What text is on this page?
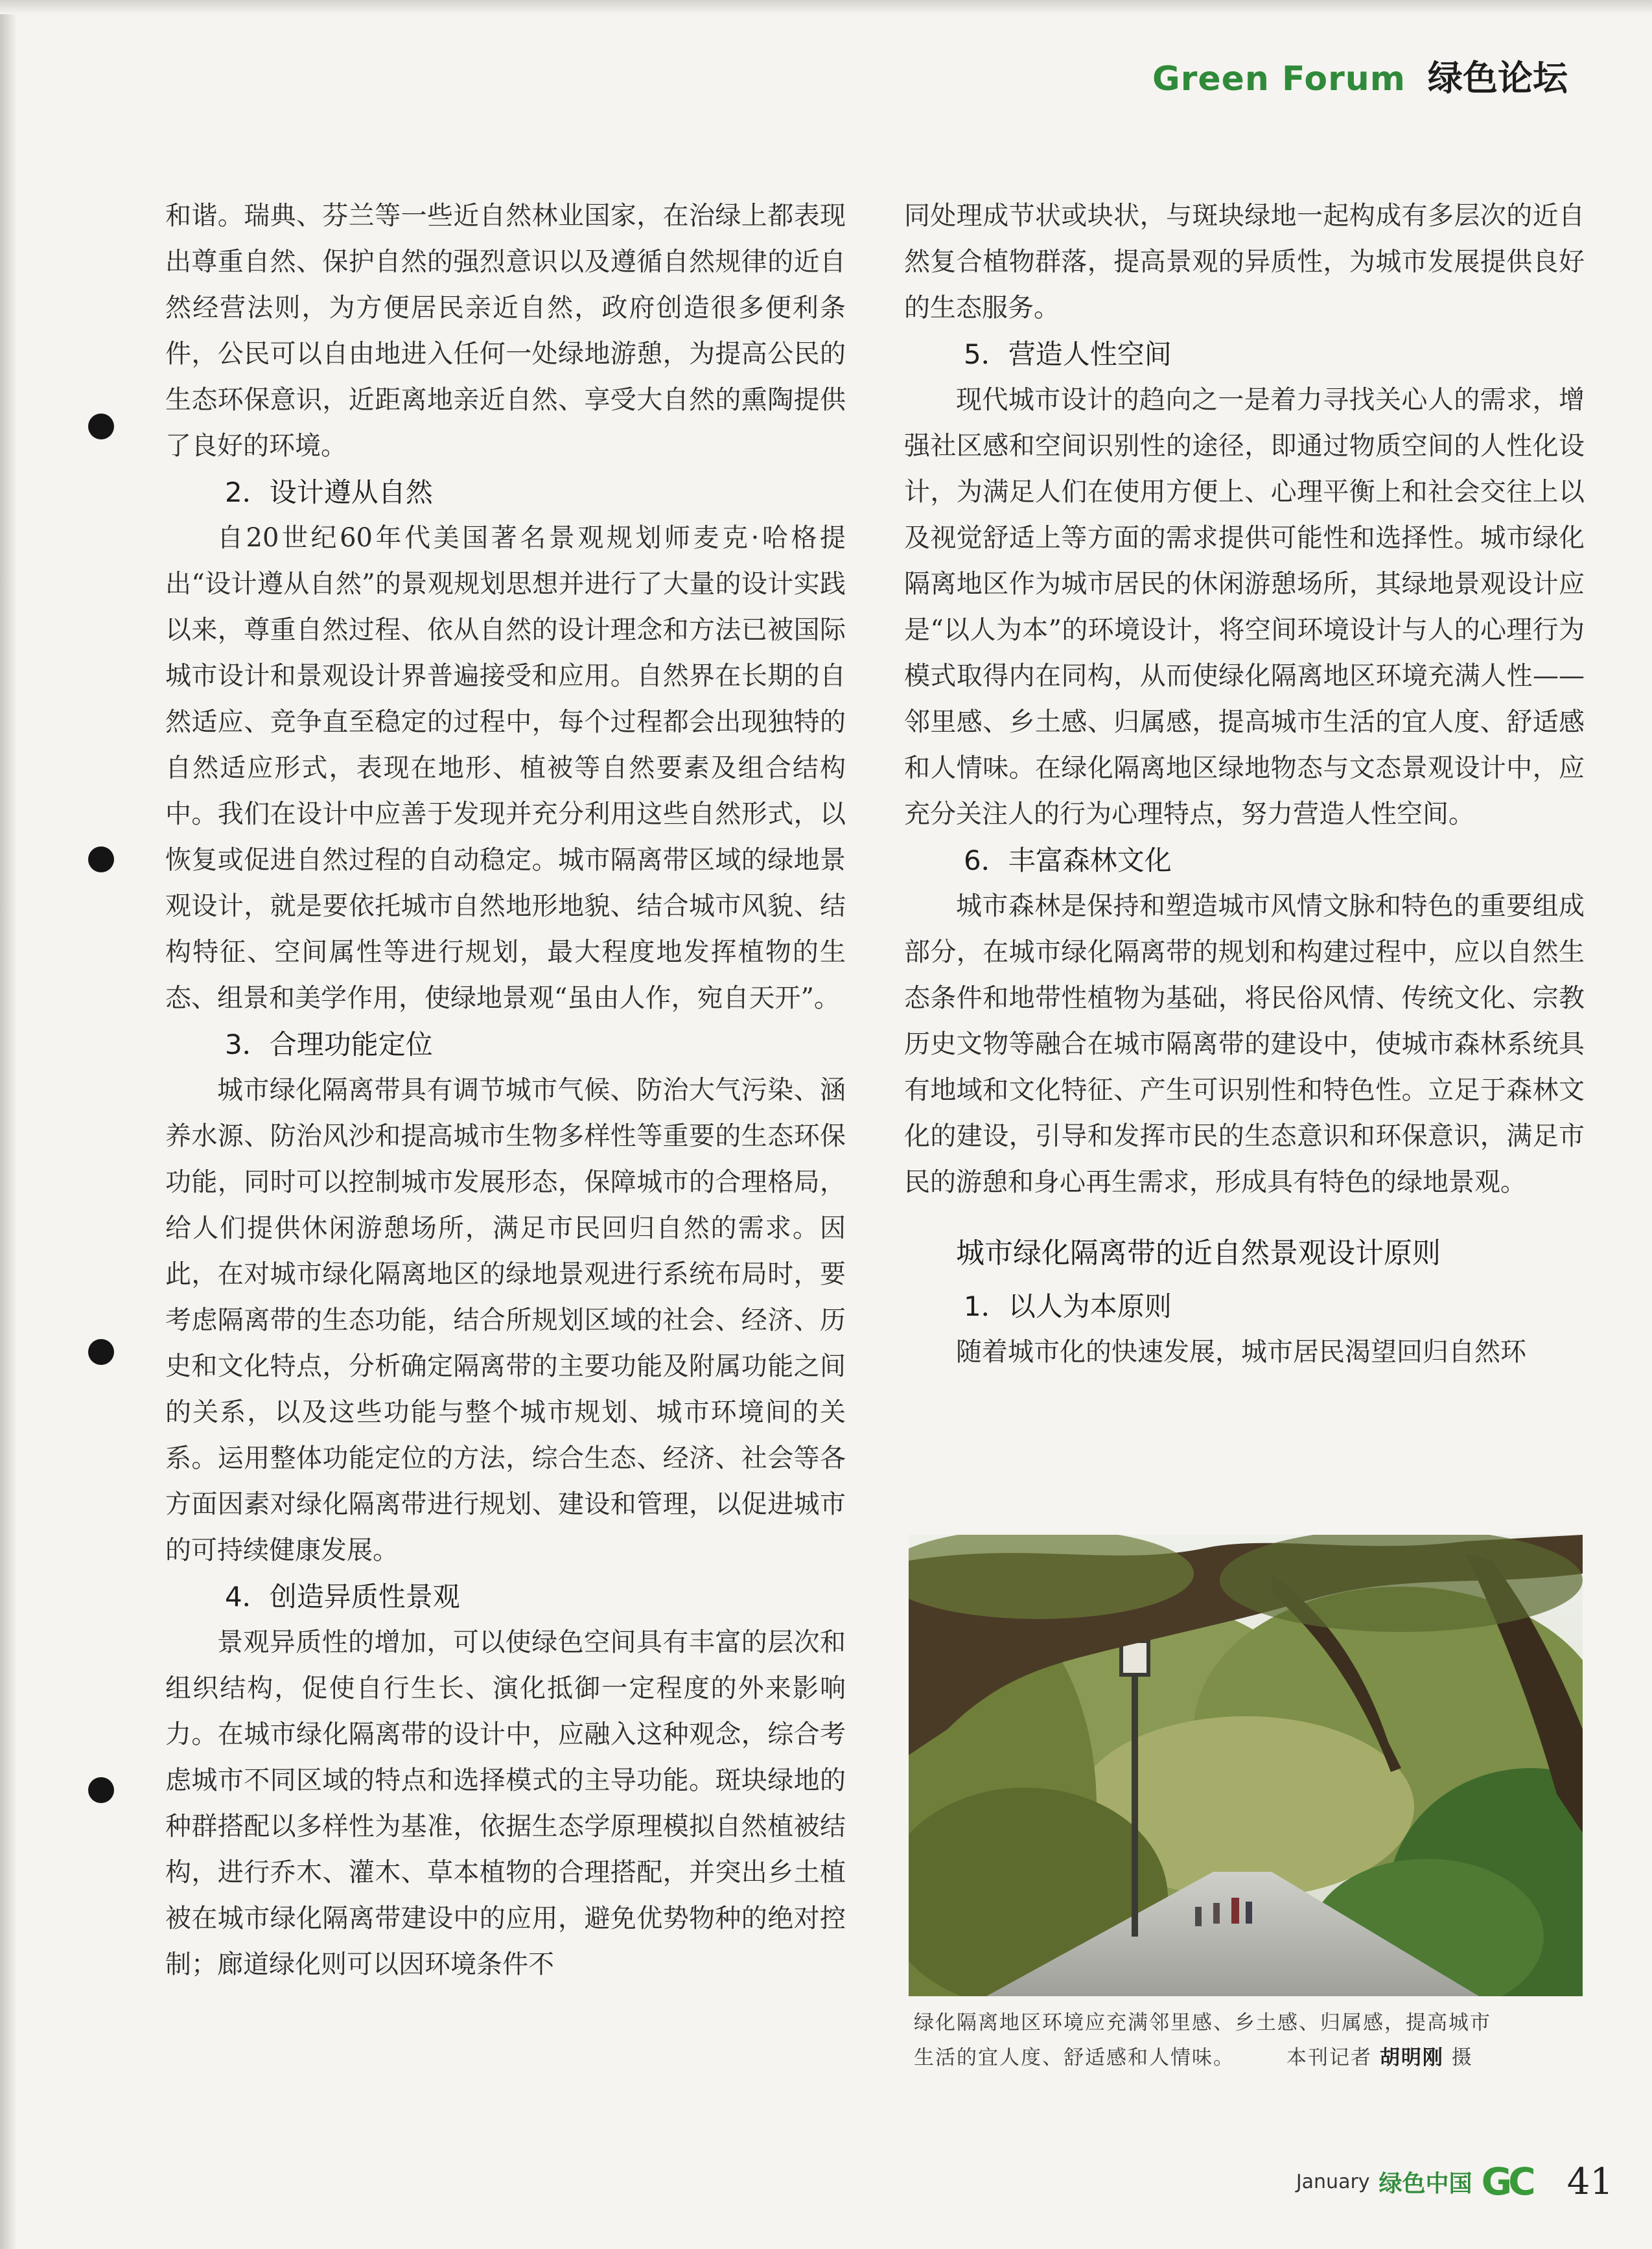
Green Forum 绿色论坛

和谐。瑞典、芬兰等一些近自然林业国家，在治绿上都表现出尊重自然、保护自然的强烈意识以及遵循自然规律的近自然经营法则，为方便居民亲近自然，政府创造很多便利条件，公民可以自由地进入任何一处绿地游憩，为提高公民的生态环保意识，近距离地亲近自然、享受大自然的熏陶提供了良好的环境。

2．设计遵从自然

自20世纪60年代美国著名景观规划师麦克·哈格提出“设计遵从自然”的景观规划思想并进行了大量的设计实践以来，尊重自然过程、依从自然的设计理念和方法已被国际城市设计和景观设计界普遍接受和应用。自然界在长期的自然适应、竞争直至稳定的过程中，每个过程都会出现独特的自然适应形式，表现在地形、植被等自然要素及组合结构中。我们在设计中应善于发现并充分利用这些自然形式，以恢复或促进自然过程的自动稳定。城市隔离带区域的绿地景观设计，就是要依托城市自然地形地貌、结合城市风貌、结构特征、空间属性等进行规划，最大程度地发挥植物的生态、组景和美学作用，使绿地景观“虽由人作，宛自天开”。

3．合理功能定位

城市绿化隔离带具有调节城市气候、防治大气污染、涵养水源、防治风沙和提高城市生物多样性等重要的生态环保功能，同时可以控制城市发展形态，保障城市的合理格局，给人们提供休闲游憩场所，满足市民回归自然的需求。因此，在对城市绿化隔离地区的绿地景观进行系统布局时，要考虑隔离带的生态功能，结合所规划区域的社会、经济、历史和文化特点，分析确定隔离带的主要功能及附属功能之间的关系，以及这些功能与整个城市规划、城市环境间的关系。运用整体功能定位的方法，综合生态、经济、社会等各方面因素对绿化隔离带进行规划、建设和管理，以促进城市的可持续健康发展。

4．创造异质性景观

景观异质性的增加，可以使绿色空间具有丰富的层次和组织结构，促使自行生长、演化抵御一定程度的外来影响力。在城市绿化隔离带的设计中，应融入这种观念，综合考虑城市不同区域的特点和选择模式的主导功能。斑块绿地的种群搭配以多样性为基准，依据生态学原理模拟自然植被结构，进行乔木、灌木、草本植物的合理搭配，并突出乡土植被在城市绿化隔离带建设中的应用，避免优势物种的绝对控制；廊道绿化则可以因环境条件不

同处理成节状或块状，与斑块绿地一起构成有多层次的近自然复合植物群落，提高景观的异质性，为城市发展提供良好的生态服务。

5．营造人性空间

现代城市设计的趋向之一是着力寻找关心人的需求，增强社区感和空间识别性的途径，即通过物质空间的人性化设计，为满足人们在使用方便上、心理平衡上和社会交往上以及视觉舒适上等方面的需求提供可能性和选择性。城市绿化隔离地区作为城市居民的休闲游憩场所，其绿地景观设计应是“以人为本”的环境设计，将空间环境设计与人的心理行为模式取得内在同构，从而使绿化隔离地区环境充满人性——邻里感、乡土感、归属感，提高城市生活的宜人度、舒适感和人情味。在绿化隔离地区绿地物态与文态景观设计中，应充分关注人的行为心理特点，努力营造人性空间。

6．丰富森林文化

城市森林是保持和塑造城市风情文脉和特色的重要组成部分，在城市绿化隔离带的规划和构建过程中，应以自然生态条件和地带性植物为基础，将民俗风情、传统文化、宗教历史文物等融合在城市隔离带的建设中，使城市森林系统具有地域和文化特征、产生可识别性和特色性。立足于森林文化的建设，引导和发挥市民的生态意识和环保意识，满足市民的游憩和身心再生需求，形成具有特色的绿地景观。

城市绿化隔离带的近自然景观设计原则

1．以人为本原则

随着城市化的快速发展，城市居民渴望回归自然环

绿化隔离地区环境应充满邻里感、乡土感、归属感，提高城市
生活的宜人度、舒适感和人情味。	本刊记者 胡明刚 摄
January 绿色中国 GC 41
